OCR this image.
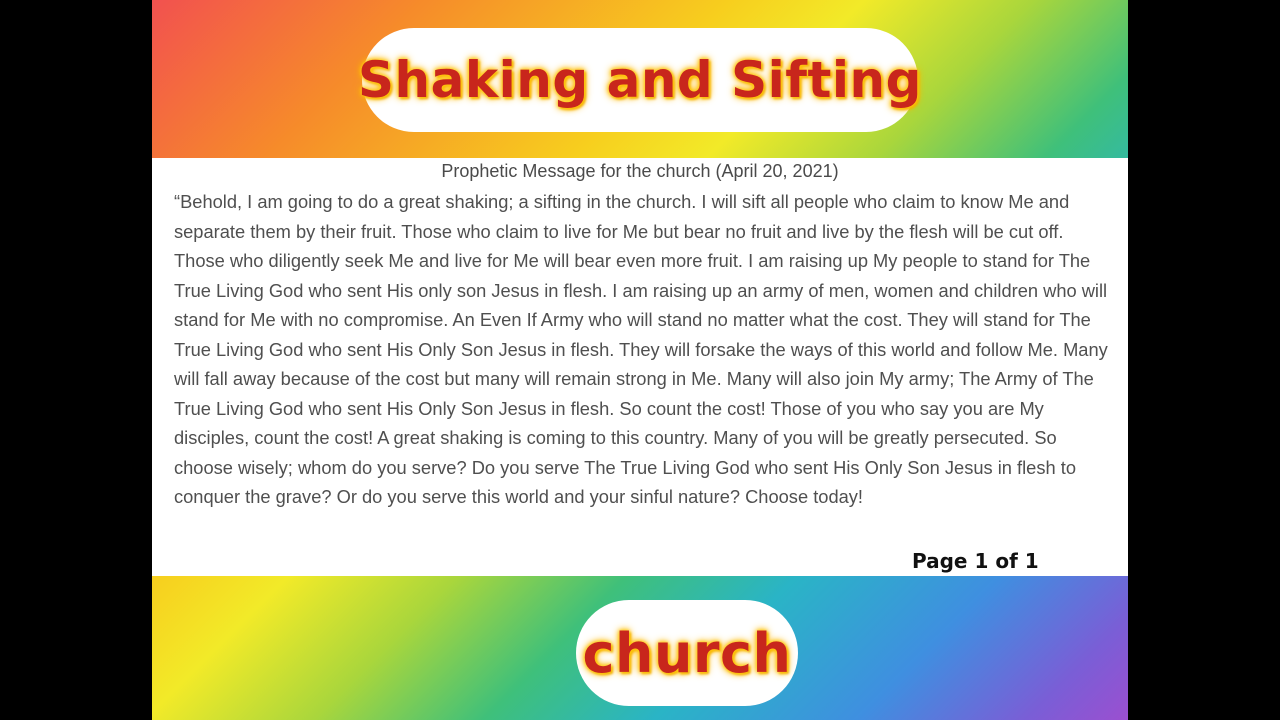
Shaking and Sifting
Prophetic Message for the church (April 20, 2021)

“Behold, I am going to do a great shaking; a sifting in the church. I will sift all people who claim to know Me and separate them by their fruit. Those who claim to live for Me but bear no fruit and live by the flesh will be cut off. Those who diligently seek Me and live for Me will bear even more fruit. I am raising up My people to stand for The True Living God who sent His only son Jesus in flesh. I am raising up an army of men, women and children who will stand for Me with no compromise. An Even If Army who will stand no matter what the cost. They will stand for The True Living God who sent His Only Son Jesus in flesh. They will forsake the ways of this world and follow Me. Many will fall away because of the cost but many will remain strong in Me. Many will also join My army; The Army of The True Living God who sent His Only Son Jesus in flesh. So count the cost! Those of you who say you are My disciples, count the cost! A great shaking is coming to this country. Many of you will be greatly persecuted. So choose wisely; whom do you serve? Do you serve The True Living God who sent His Only Son Jesus in flesh to conquer the grave? Or do you serve this world and your sinful nature? Choose today!

Page 1 of 1
church
